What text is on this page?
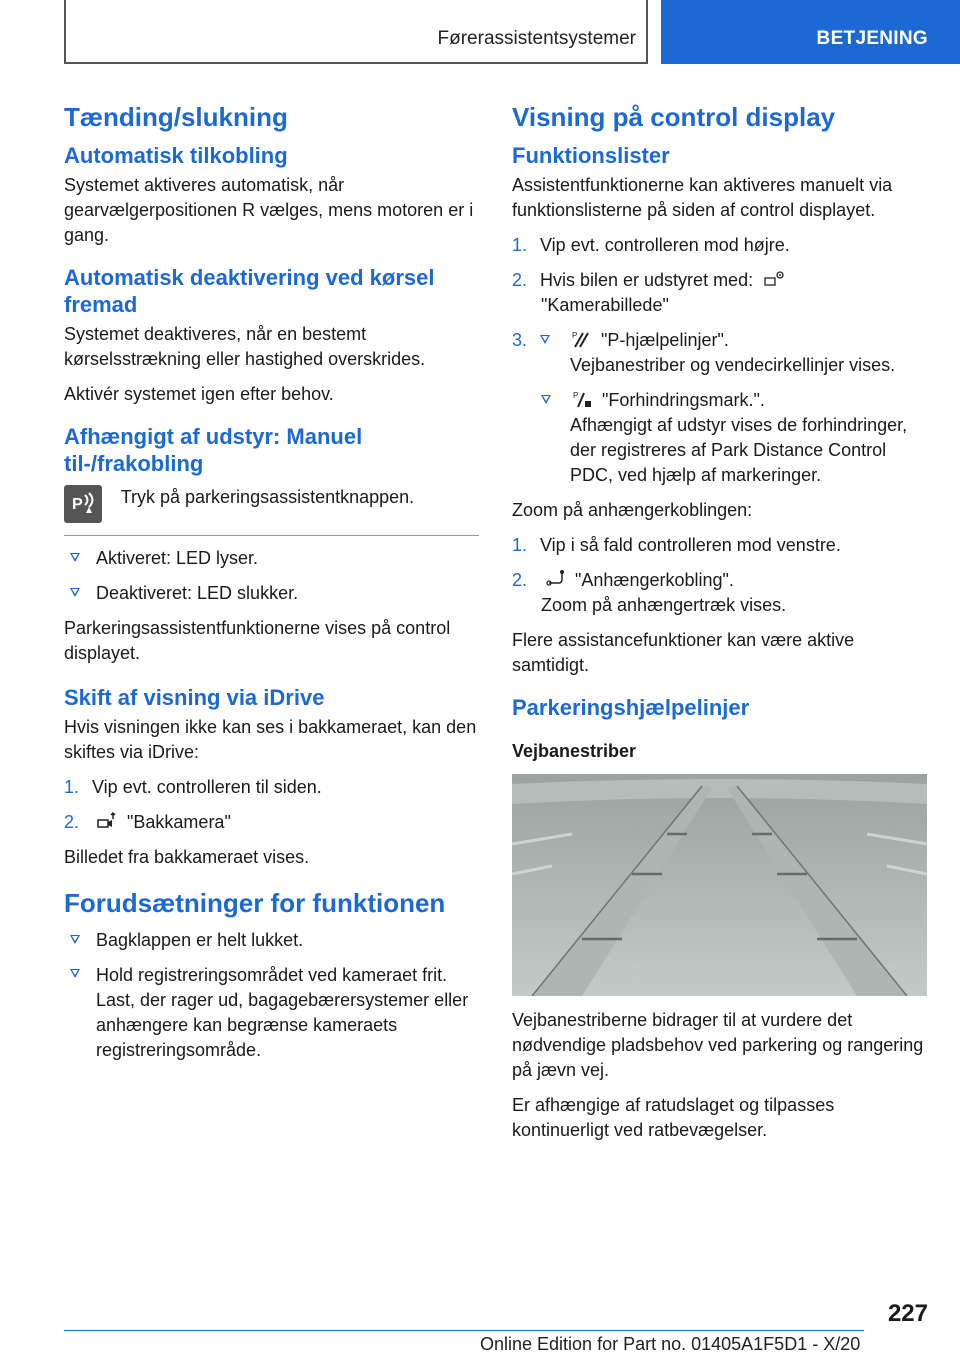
Førerassistentsystemer	BETJENING
Tænding/slukning
Automatisk tilkobling

Systemet aktiveres automatisk, når gearvælgerpositionen R vælges, mens motoren er i gang.

Automatisk deaktivering ved kørsel fremad

Systemet deaktiveres, når en bestemt kørselsstrækning eller hastighed overskrides.

Aktivér systemet igen efter behov.

Afhængigt af udstyr: Manuel til-/frakobling
P Tryk på parkeringsassistentknappen.
Aktiveret: LED lyser.
Deaktiveret: LED slukker.

Parkeringsassistentfunktionerne vises på control displayet.

Skift af visning via iDrive

Hvis visningen ikke kan ses i bakkameraet, kan den skiftes via iDrive:

1. Vip evt. controlleren til siden.
2.	"Bakkamera"

Billedet fra bakkameraet vises.

Forudsætninger for funktionen
Bagklappen er helt lukket.
Hold registreringsområdet ved kameraet frit. Last, der rager ud, bagagebærersystemer eller anhængere kan begrænse kameraets registreringsområde.
Visning på control display
Funktionslister

Assistentfunktionerne kan aktiveres manuelt via funktionslisterne på siden af control displayet.

1. Vip evt. controlleren mod højre.
2. Hvis bilen er udstyret med:
"Kamerabillede"
3.	P "P-hjælpelinjer".
Vejbanestriber og vendecirkellinjer vises.

P "Forhindringsmark.".
Afhængigt af udstyr vises de forhindringer, der registreres af Park Distance Control PDC, ved hjælp af markeringer.

Zoom på anhængerkoblingen:

1. Vip i så fald controlleren mod venstre.
2.	"Anhængerkobling".
Zoom på anhængertræk vises.

Flere assistancefunktioner kan være aktive samtidigt.

Parkeringshjælpelinjer

Vejbanestriber

Vejbanestriberne bidrager til at vurdere det nødvendige pladsbehov ved parkering og rangering på jævn vej.

Er afhængige af ratudslaget og tilpasses kontinuerligt ved ratbevægelser.

227
Online Edition for Part no. 01405A1F5D1 - X/20
